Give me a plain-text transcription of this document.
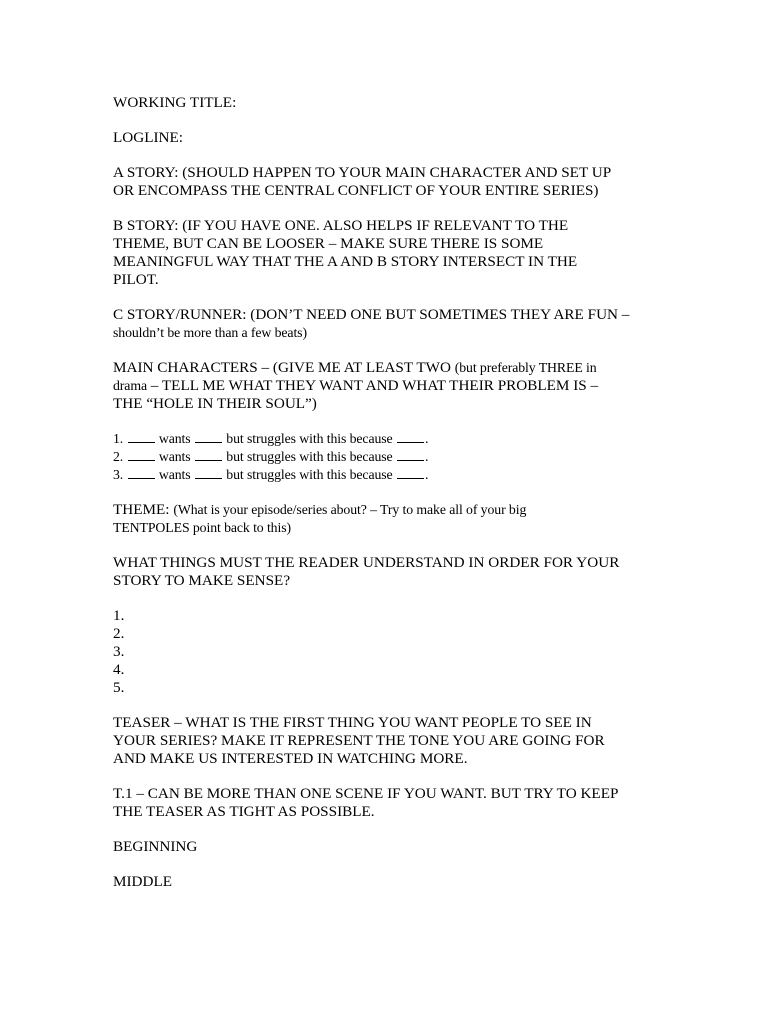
WORKING TITLE:
LOGLINE:
A STORY: (SHOULD HAPPEN TO YOUR MAIN CHARACTER AND SET UP
OR ENCOMPASS THE CENTRAL CONFLICT OF YOUR ENTIRE SERIES)
B STORY: (IF YOU HAVE ONE. ALSO HELPS IF RELEVANT TO THE
THEME, BUT CAN BE LOOSER – MAKE SURE THERE IS SOME
MEANINGFUL WAY THAT THE A AND B STORY INTERSECT IN THE
PILOT.
C STORY/RUNNER: (DON’T NEED ONE BUT SOMETIMES THEY ARE FUN –
shouldn’t be more than a few beats)
MAIN CHARACTERS – (GIVE ME AT LEAST TWO (but preferably THREE in
drama – TELL ME WHAT THEY WANT AND WHAT THEIR PROBLEM IS –
THE “HOLE IN THEIR SOUL”)
1.	wants	but struggles with this because .
2.	wants	but struggles with this because .
3.	wants	but struggles with this because .
THEME: (What is your episode/series about? – Try to make all of your big
TENTPOLES point back to this)
WHAT THINGS MUST THE READER UNDERSTAND IN ORDER FOR YOUR
STORY TO MAKE SENSE?
1.
2.
3.
4.
5.
TEASER – WHAT IS THE FIRST THING YOU WANT PEOPLE TO SEE IN
YOUR SERIES? MAKE IT REPRESENT THE TONE YOU ARE GOING FOR
AND MAKE US INTERESTED IN WATCHING MORE.
T.1 – CAN BE MORE THAN ONE SCENE IF YOU WANT. BUT TRY TO KEEP
THE TEASER AS TIGHT AS POSSIBLE.
BEGINNING
MIDDLE
